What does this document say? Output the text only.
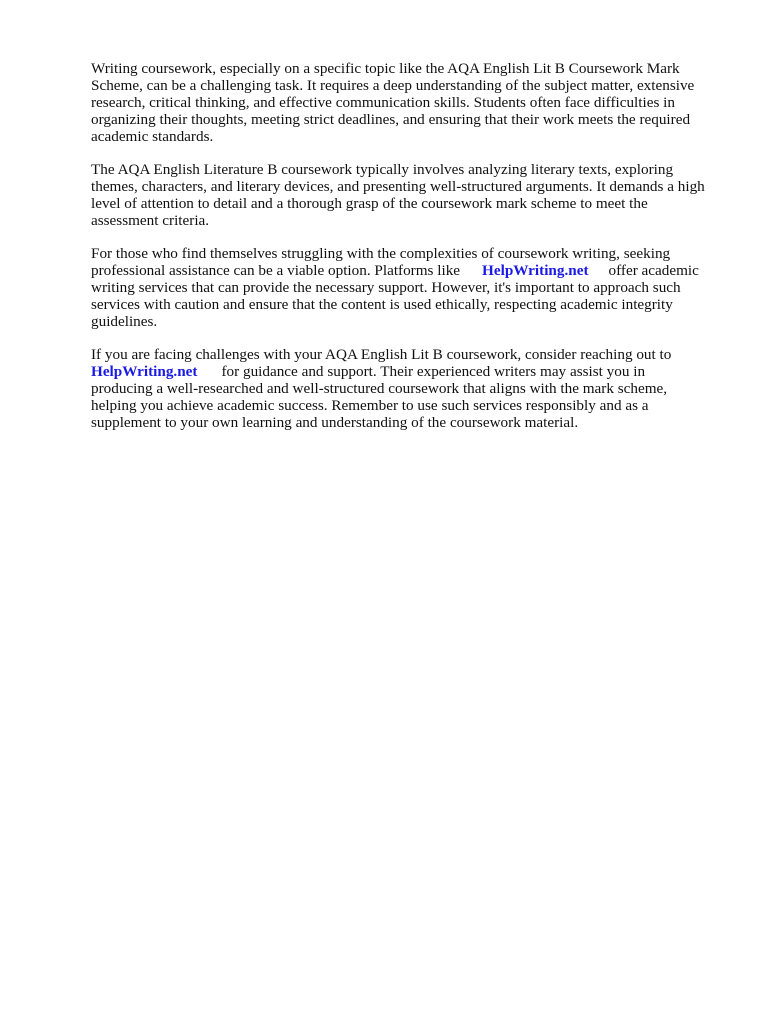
Writing coursework, especially on a specific topic like the AQA English Lit B Coursework Mark
Scheme, can be a challenging task. It requires a deep understanding of the subject matter, extensive
research, critical thinking, and effective communication skills. Students often face difficulties in
organizing their thoughts, meeting strict deadlines, and ensuring that their work meets the required
academic standards.

The AQA English Literature B coursework typically involves analyzing literary texts, exploring
themes, characters, and literary devices, and presenting well-structured arguments. It demands a high
level of attention to detail and a thorough grasp of the coursework mark scheme to meet the
assessment criteria.

For those who find themselves struggling with the complexities of coursework writing, seeking
professional assistance can be a viable option. Platforms like HelpWriting.net offer academic
writing services that can provide the necessary support. However, it's important to approach such
services with caution and ensure that the content is used ethically, respecting academic integrity
guidelines.

If you are facing challenges with your AQA English Lit B coursework, consider reaching out to
HelpWriting.net for guidance and support. Their experienced writers may assist you in
producing a well-researched and well-structured coursework that aligns with the mark scheme,
helping you achieve academic success. Remember to use such services responsibly and as a
supplement to your own learning and understanding of the coursework material.
